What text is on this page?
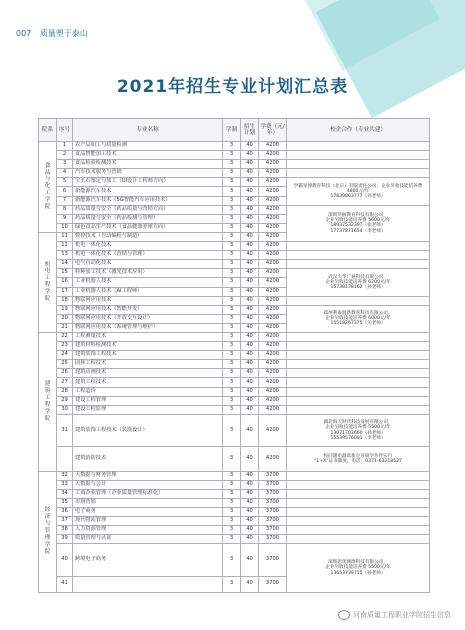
007 质量塑于泰山
2021年招生专业计划汇总表
院系	序号	专业名称	学制	招生计划	学费（元/年）	校企合作（专业共建）	

食品与化工学院	1	农产品加工与质量检测	3	40	4200		
	2	食品智能加工技术	3	40	4200		
	3	食品检验检测技术	3	40	4200		
	4	汽车技术服务与营销	3	40	4200		
	5	宝玉石鉴定与加工（UI设计工程师方向）	3	40	4200	学霸星博教育科技（北京）有限责任公司，企业另收技能培养费 4800元/年
17839863777（孙老师）	
	6	新能源汽车技术	3	40	4200		
	7	新能源汽车技术（5G智能汽车应用技术）	3	40	4200		
	8	药品质量与安全（药品质量与营销方向）	3	40	4200	深圳华颐教育科技有限公司，
企业另收技能培养费 5600元/年
18937532397（张老师）
17737871654（李老师）	
	9	药品质量与安全（药品检测与管理）	3	40	4200		
	10	绿色食品生产技术（食品健康养殖方向）	3	40	4200		

机电工程学院	11	数控技术（自动编程与制造）	3	40	4200		
	12	机电一体化技术	3	40	4200		
	13	机电一体化技术（营销与管理）	3	40	4200		
	14	电气自动化技术	3	40	4200		
	15	特种加工技术（激光技术应用）	3	40	4200	武汉大华广通科技有限公司，
企业另收技能培养费 6200元/年
15738178162（孙老师）	
	16	工业机器人技术	3	40	4200		
	17	工业机器人技术（AI工程师）	3	40	4200		
	18	物联网应用技术	3	40	4200		
	19	物联网应用技术（智能开发）	3	40	4200	郑州利泰润新教育科技有限公司，
企业另收技能培养费 6000元/年
15518267375（关老师）	
	20	物联网应用技术（开放交互设计）	3	40	4200		
	21	物联网应用技术（系统管理与维护）	3	40	4200		

建筑工程学院	22	工程测量技术	3	40	4200		
	23	建筑材料检测技术	3	40	4200		
	24	建筑装饰工程技术	3	40	4200		
	25	园林工程技术	3	40	4200		
	26	建筑动画技术	3	40	4200		
	27	建筑工程技术	3	40	4200		
	28	工程造价	3	40	4200		
	29	建设工程管理	3	40	4200		
	30	建设工程监理	3	40	4200		
	31	建筑装饰工程技术（装潢设计）	3	40	4200	湖北海天时代科技发展有限公司，
企业另收技能培养费 5500元/年
13071703660（孙老师）
15539576001（李老师）	
		建筑消防技术	3	40	4200	校问题电器高新企业研学作伴实行
“1+X”证书制度，电话：0371-63218527	

经济与管理学院	32	大数据与财务管理	3	40	3700		
	33	大数据与会计	3	40	3700		
	34	工商企业管理（企业质量管理标准化）	3	40	3700		
	35	市场营销	3	40	3700		
	36	电子商务	3	40	3700		
	37	现代物流管理	3	40	3700		
	38	人力资源管理	3	40	3700		
	39	质量管理与认证	3	40	3700		
	40	跨境电子商务	3	40	3700	深圳思优网络科技有限公司，
企业另收技能培养费 5500元/年
13653739715（孙老师）	
	41		3	40	3700		
河南质量工程职业学院招生信息
